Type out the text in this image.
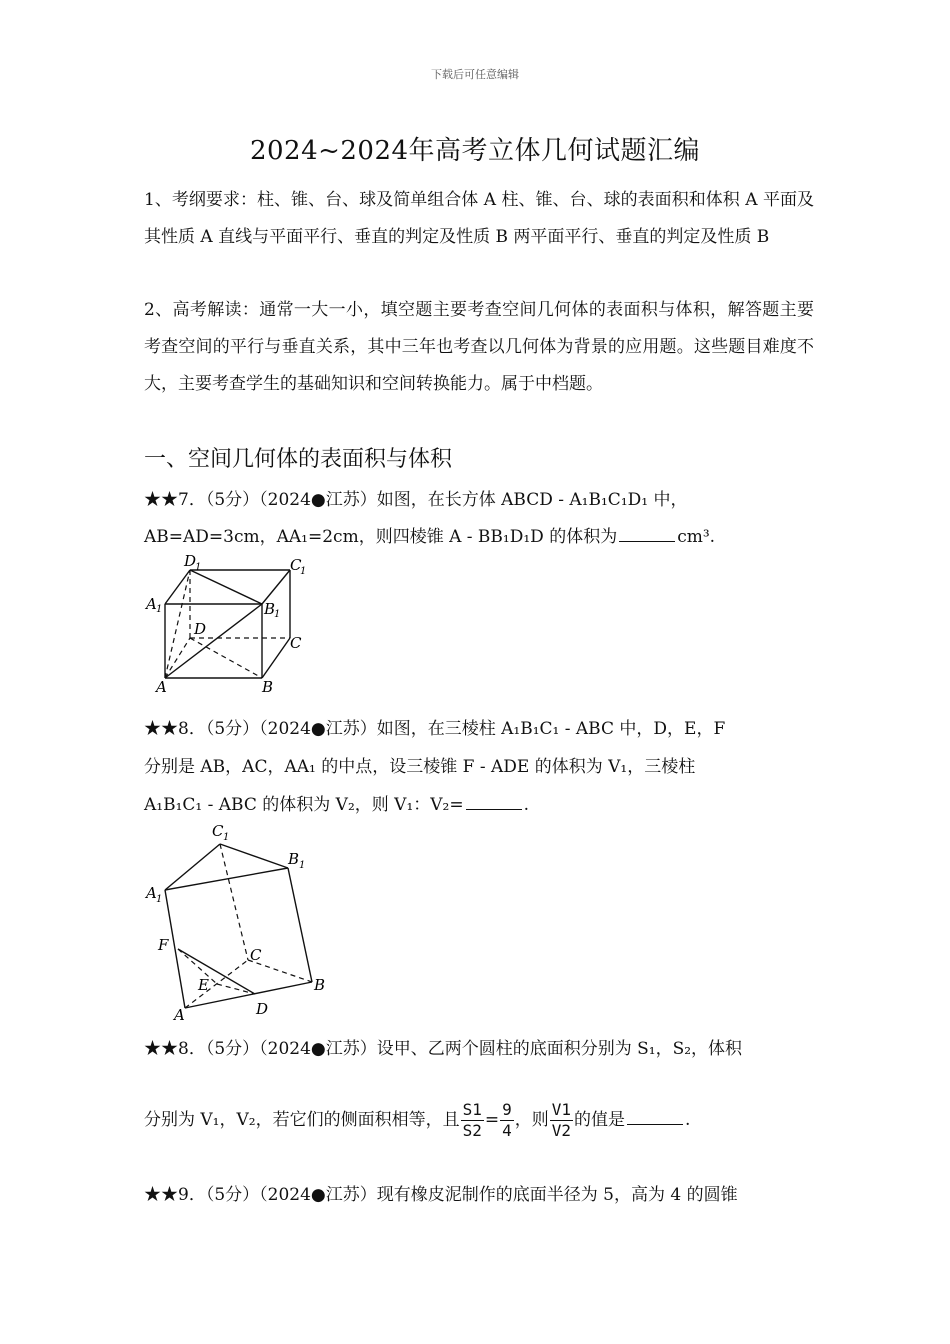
下载后可任意编辑
2024~2024年高考立体几何试题汇编
1、考纲要求：柱、锥、台、球及简单组合体 A 柱、锥、台、球的表面积和体积 A 平面及其性质 A 直线与平面平行、垂直的判定及性质 B 两平面平行、垂直的判定及性质 B
2、高考解读：通常一大一小，填空题主要考查空间几何体的表面积与体积，解答题主要考查空间的平行与垂直关系，其中三年也考查以几何体为背景的应用题。这些题目难度不大，主要考查学生的基础知识和空间转换能力。属于中档题。
一、空间几何体的表面积与体积
★★7．（5分）（2024●江苏）如图，在长方体 ABCD - A₁B₁C₁D₁ 中，
AB=AD=3cm，AA₁=2cm，则四棱锥 A - BB₁D₁D 的体积为	cm³.
A	B
C
D
A 1	B
1
C
1
D
1
★★8．（5分）（2024●江苏）如图，在三棱柱 A₁B₁C₁ - ABC 中，D，E，F
分别是 AB，AC，AA₁ 的中点，设三棱锥 F - ADE 的体积为 V₁，三棱柱
A₁B₁C₁ - ABC 的体积为 V₂，则 V₁：V₂=	.
A
B
C
D
E
F
A 1
B 1
C 1
★★8．（5分）（2024●江苏）设甲、乙两个圆柱的底面积分别为 S₁，S₂，体积
分别为 V₁，V₂，若它们的侧面积相等，且 $\frac{S1}{S2} = \frac{9}{4}$ ，则 $\frac{V1}{V2}$ 的值是	.
★★9．（5分）（2024●江苏）现有橡皮泥制作的底面半径为 5，高为 4 的圆锥
